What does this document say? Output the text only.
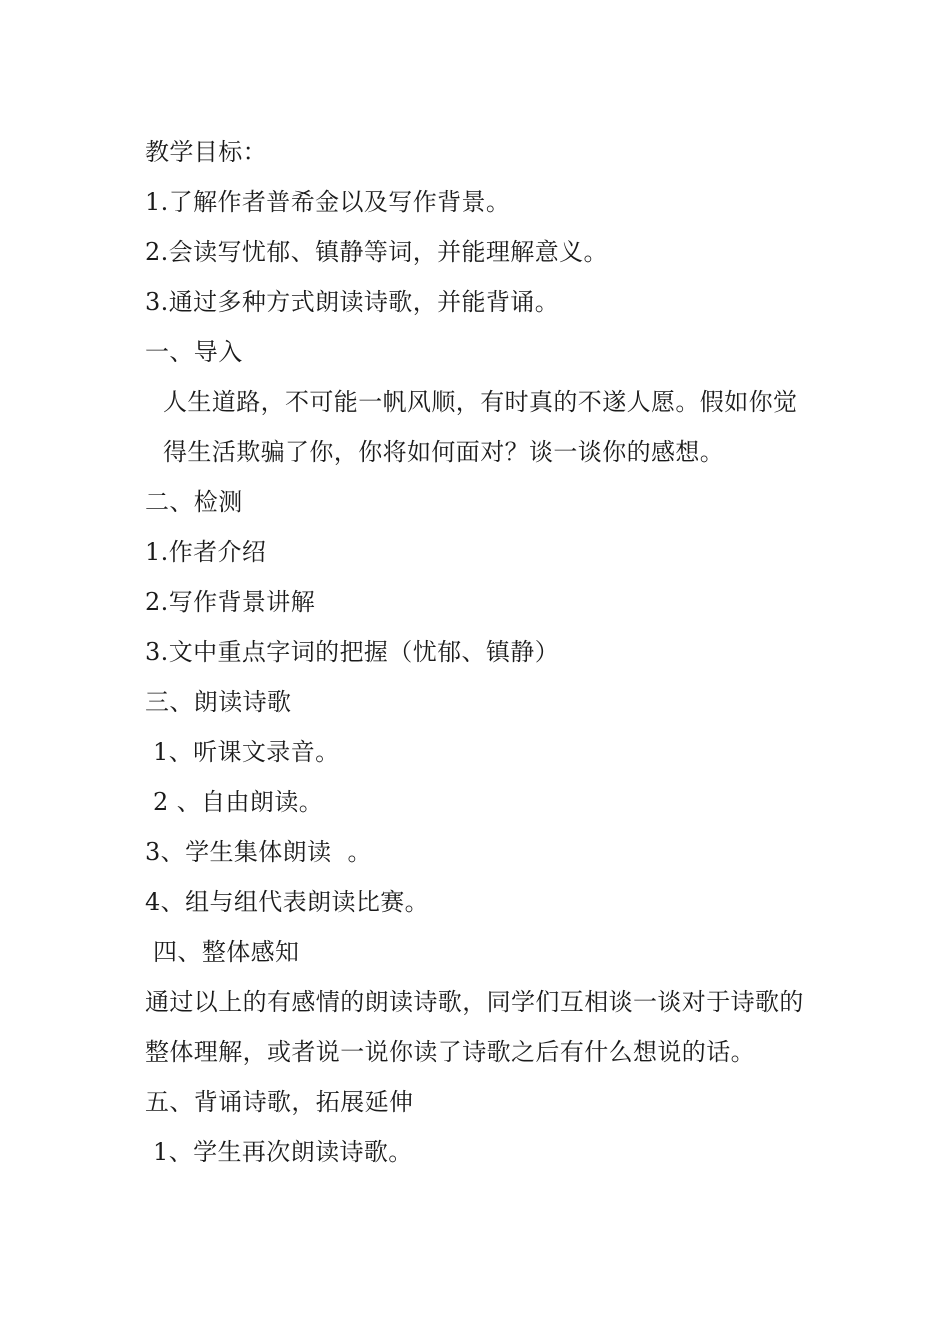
教学目标：
1.了解作者普希金以及写作背景。
2.会读写忧郁、镇静等词，并能理解意义。
3.通过多种方式朗读诗歌，并能背诵。
一、导入
人生道路，不可能一帆风顺，有时真的不遂人愿。假如你觉得生活欺骗了你，你将如何面对？谈一谈你的感想。
二、检测
1.作者介绍
2.写作背景讲解
3.文中重点字词的把握（忧郁、镇静）
三、朗读诗歌
1、听课文录音。
2 、自由朗读。
3、学生集体朗读  。
4、组与组代表朗读比赛。
四、整体感知
通过以上的有感情的朗读诗歌，同学们互相谈一谈对于诗歌的整体理解，或者说一说你读了诗歌之后有什么想说的话。
五、背诵诗歌，拓展延伸
1、学生再次朗读诗歌。
